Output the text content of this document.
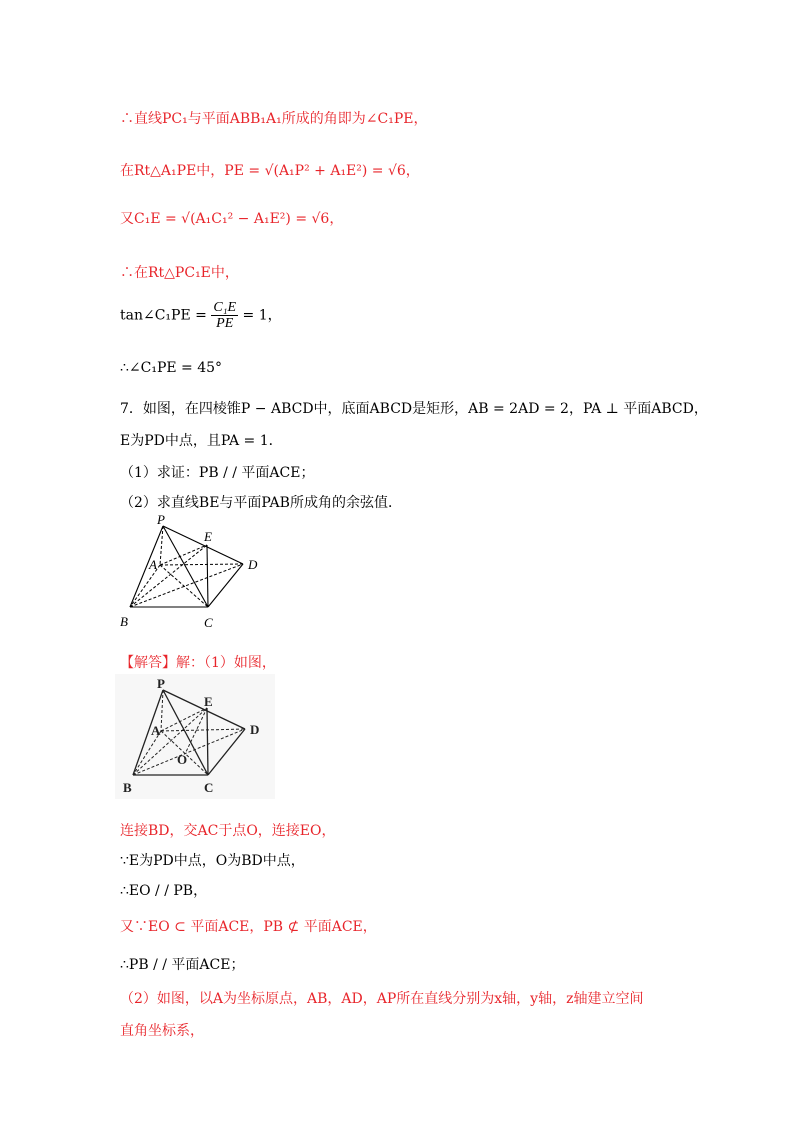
∴直线PC₁与平面ABB₁A₁所成的角即为∠C₁PE，
在Rt△A₁PE中，PE = √(A₁P² + A₁E²) = √6，
又C₁E = √(A₁C₁² − A₁E²) = √6，
∴在Rt△PC₁E中，
tan∠C₁PE = $\frac{\text{C₁E}}{PE} = 1$，
∴∠C₁PE = 45°
7．如图，在四棱锥P − ABCD中，底面ABCD是矩形，AB = 2AD = 2，PA ⊥ 平面ABCD，
E为PD中点，且PA = 1．
（1）求证：PB / / 平面ACE；
（2）求直线BE与平面PAB所成角的余弦值．
P
E
A	D
B	C
【解答】解：（1）如图，
P
E
A	D
O
B	C
连接BD，交AC于点O，连接EO，
∵E为PD中点，O为BD中点，
∴EO / / PB，
又∵EO ⊂ 平面ACE，PB ⊄ 平面ACE，
∴PB / / 平面ACE；
（2）如图，以A为坐标原点，AB，AD，AP所在直线分别为x轴，y轴，z轴建立空间
直角坐标系，
